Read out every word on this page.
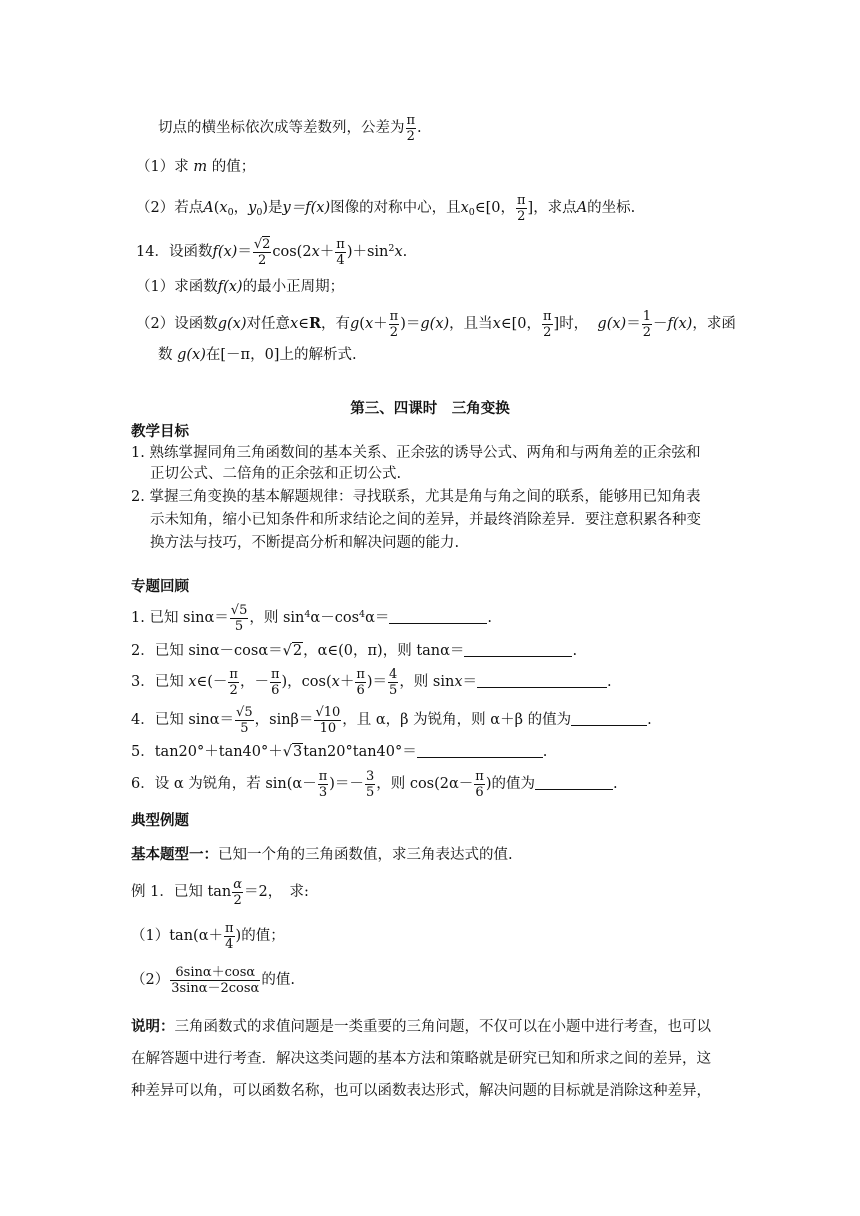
切点的横坐标依次成等差数列，公差为 $\frac{\pi}{2}$ .
（1）求 m 的值；
（2）若点$A(x_0$，$y_0$)是y＝f(x)图像的对称中心，且$x_0\in[0$， $\frac{\pi}{2}$ ]，求点A的坐标.
14．设函数$f(x)= \frac{√2}{2} \cos(2x+ \frac{\pi}{4} )+\sin^2x$.
（1）求函数f(x)的最小正周期；
（2）设函数g(x)对任意x∈R，有$g(x+ \frac{\pi}{2} )=g(x)$，且当x∈[0， $\frac{\pi}{2}$ ]时， $g(x)= \frac{1}{2} -f(x)$，求函
数 g(x)在[－π，0]上的解析式.
第三、四课时　三角变换
教学目标
1. 熟练掌握同角三角函数间的基本关系、正余弦的诱导公式、两角和与两角差的正余弦和
正切公式、二倍角的正余弦和正切公式.
2. 掌握三角变换的基本解题规律：寻找联系，尤其是角与角之间的联系，能够用已知角表
示未知角，缩小已知条件和所求结论之间的差异，并最终消除差异．要注意积累各种变
换方法与技巧，不断提高分析和解决问题的能力.
专题回顾
1. 已知 $\sin\alpha= \frac{√5}{5}$ ，则 $\sin^4\alpha-\cos^4\alpha=$	.
2．已知 sinα－cosα＝√2，α∈(0，π)，则 tanα＝	.
3．已知 x∈(－ $\frac{\pi}{2}$ ，－ $\frac{\pi}{6}$ )，$\cos(x+ \frac{\pi}{6}$ )＝ $\frac{4}{5}$ ，则 sinx＝	.
4．已知 $\sin\alpha= \frac{√5}{5}$ ，$\sin\beta= \frac{√10}{10}$ ，且 α，β 为锐角，则 α＋β 的值为	.
5．tan20°＋tan40°＋√3tan20°tan40°＝	.
6．设 α 为锐角，若 $\sin(\alpha- \frac{\pi}{3}$ )＝－ $\frac{3}{5}$ ，则 $\cos(2\alpha- \frac{\pi}{6}$ )的值为	.
典型例题
基本题型一：已知一个角的三角函数值，求三角表达式的值.
例 1．已知 $\tan \frac{\alpha}{2} =2$，　求:
$(1)\tan(\alpha+ \frac{\pi}{4}$ )的值；
$(2) \frac{6\sin\alpha+\cos\alpha}{3\sin\alpha-2\cos\alpha}$ 的值.
说明：三角函数式的求值问题是一类重要的三角问题，不仅可以在小题中进行考查，也可以
在解答题中进行考查．解决这类问题的基本方法和策略就是研究已知和所求之间的差异，这
种差异可以角，可以函数名称，也可以函数表达形式，解决问题的目标就是消除这种差异，
